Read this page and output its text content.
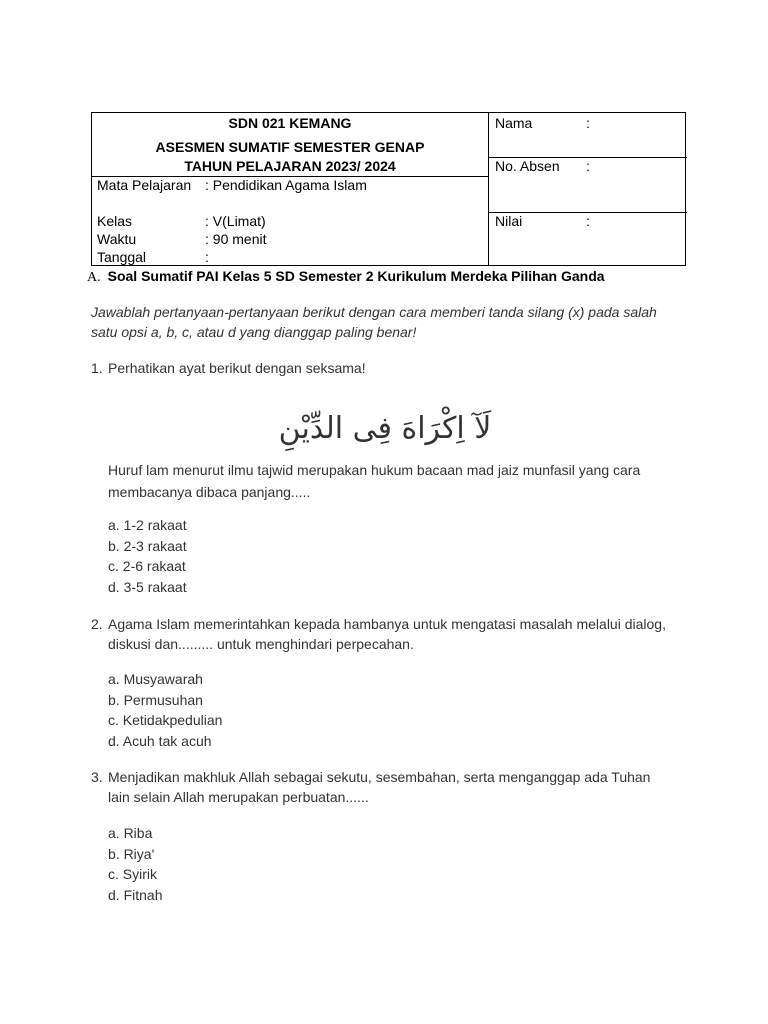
SDN 021 KEMANG
ASESMEN SUMATIF SEMESTER GENAP
TAHUN PELAJARAN 2023/ 2024
Mata Pelajaran : Pendidikan Agama Islam
Kelas	: V(Limat)
Waktu	: 90 menit
Tanggal	:
Nama	:
No. Absen :
Nilai	:
A. Soal Sumatif PAI Kelas 5 SD Semester 2 Kurikulum Merdeka Pilihan Ganda
Jawablah pertanyaan-pertanyaan berikut dengan cara memberi tanda silang (x) pada salah satu opsi a, b, c, atau d yang dianggap paling benar!
1. Perhatikan ayat berikut dengan seksama!
لَآ اِكْرَاهَ فِى الدِّيْنِ
Huruf lam menurut ilmu tajwid merupakan hukum bacaan mad jaiz munfasil yang cara membacanya dibaca panjang.....
a. 1-2 rakaat
b. 2-3 rakaat
c. 2-6 rakaat
d. 3-5 rakaat
2. Agama Islam memerintahkan kepada hambanya untuk mengatasi masalah melalui dialog, diskusi dan......... untuk menghindari perpecahan.
a. Musyawarah
b. Permusuhan
c. Ketidakpedulian
d. Acuh tak acuh
3. Menjadikan makhluk Allah sebagai sekutu, sesembahan, serta menganggap ada Tuhan lain selain Allah merupakan perbuatan......
a. Riba
b. Riya'
c. Syirik
d. Fitnah
